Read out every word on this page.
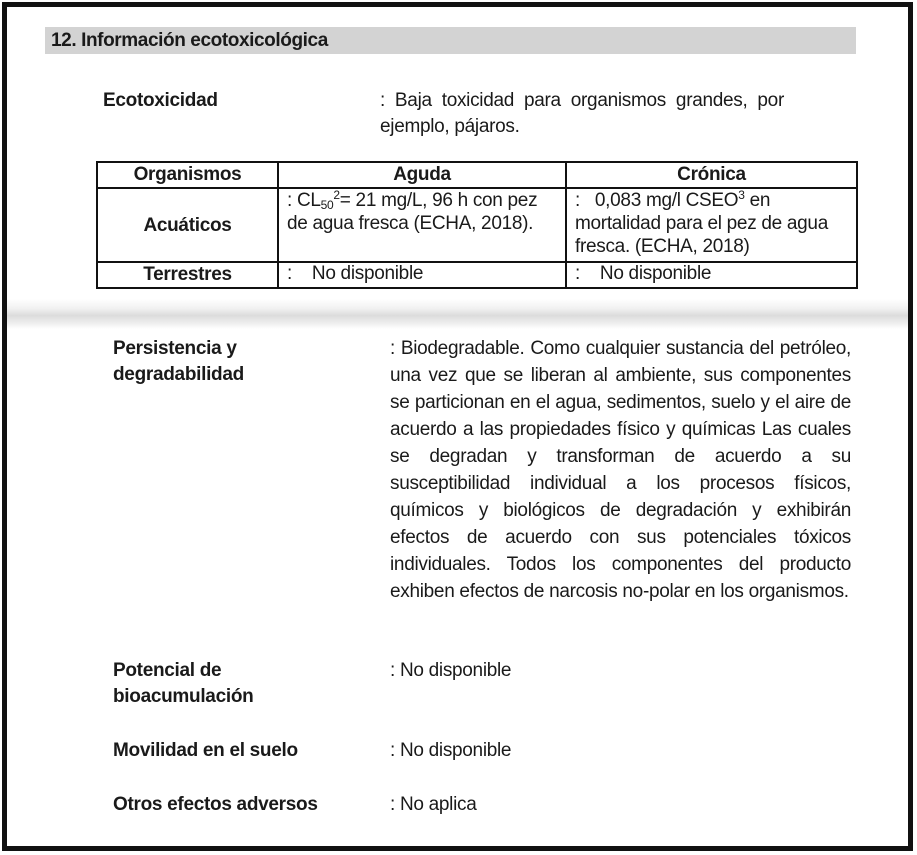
12. Información ecotoxicológica
Ecotoxicidad	:  Baja  toxicidad  para  organismos  grandes,  por
ejemplo, pájaros.
Organismos	Aguda	Crónica
Acuáticos	: $CL_{50}^2= 21$ mg/L, 96 h con pez de agua fresca (ECHA, 2018).	:   0,083 mg/l CSEO$^3$ en mortalidad para el pez de agua fresca. (ECHA, 2018)
Terrestres	:    No disponible	:    No disponible
Persistencia y
degradabilidad
: Biodegradable. Como cualquier sustancia del petróleo, una vez que se liberan al ambiente, sus componentes se particionan en el agua, sedimentos, suelo y el aire de acuerdo a las propiedades físico y químicas Las cuales se degradan y transforman de acuerdo a su susceptibilidad individual a los procesos físicos, químicos y biológicos de degradación y exhibirán efectos de acuerdo con sus potenciales tóxicos individuales. Todos los componentes del producto exhiben efectos de narcosis no-polar en los organismos.
Potencial de
bioacumulación
: No disponible
Movilidad en el suelo	: No disponible
Otros efectos adversos	: No aplica
